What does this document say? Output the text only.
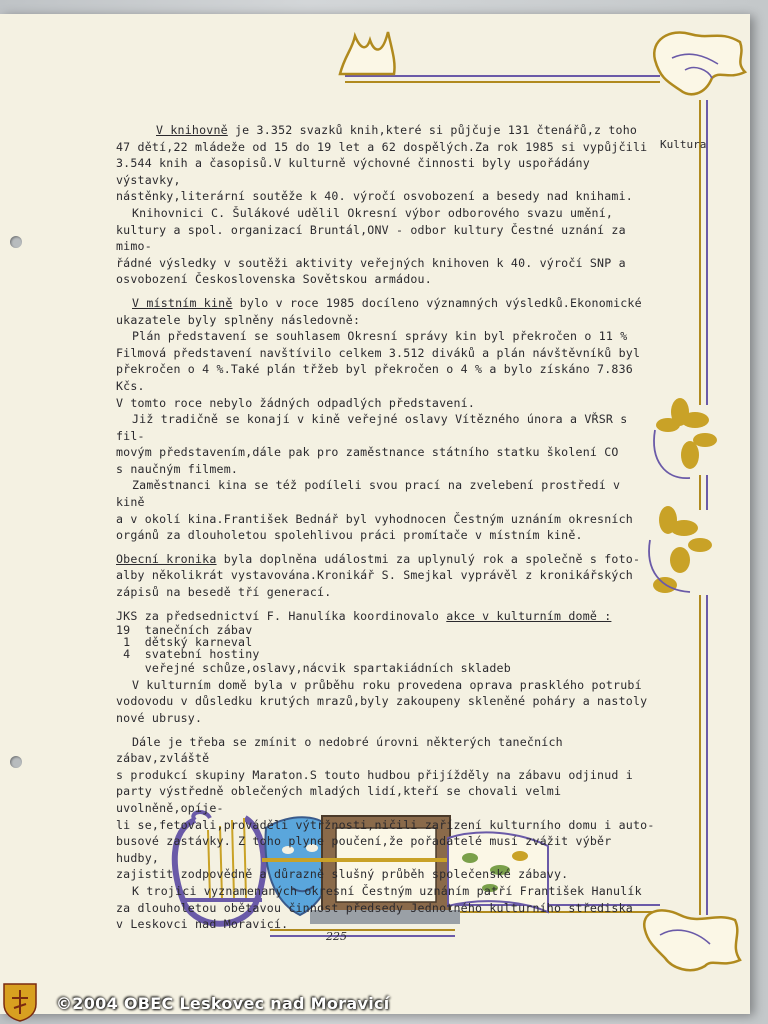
Kultura

V knihovně je 3.352 svazků knih,které si půjčuje 131 čtenářů,z toho

47 dětí,22 mládeže od 15 do 19 let a 62 dospělých.Za rok 1985 si vypůjčili

3.544 knih a časopisů.V kulturně výchovné činnosti byly uspořádány výstavky,

nástěnky,literární soutěže k 40. výročí osvobození a besedy nad knihami.

Knihovnici C. Šulákové udělil Okresní výbor odborového svazu umění,

kultury a spol. organizací Bruntál,ONV - odbor kultury Čestné uznání za mimo-

řádné výsledky v soutěži aktivity veřejných knihoven k 40. výročí SNP a

osvobození Československa Sovětskou armádou.

V místním kině bylo v roce 1985 docíleno významných výsledků.Ekonomické

ukazatele byly splněny následovně:

Plán představení se souhlasem Okresní správy kin byl překročen o 11 %

Filmová představení navštívilo celkem 3.512 diváků a plán návštěvníků byl

překročen o 4 %.Také plán třžeb byl překročen o 4 % a bylo získáno 7.836 Kčs.

V tomto roce nebylo žádných odpadlých představení.

Již tradičně se konají v kině veřejné oslavy Vítězného února a VŘSR s fil-

movým představením,dále pak pro zaměstnance státního statku školení CO

s naučným filmem.

Zaměstnanci kina se též podíleli svou prací na zvelebení prostředí v kině

a v okolí kina.František Bednář byl vyhodnocen Čestným uznáním okresních

orgánů za dlouholetou spolehlivou práci promítače v místním kině.

Obecní kronika byla doplněna událostmi za uplynulý rok a společně s foto-

alby několikrát vystavována.Kronikář S. Smejkal vyprávěl z kronikářských

zápisů na besedě tří generací.

JKS za předsednictví F. Hanulíka koordinovalo akce v kulturním domě :

19  tanečních zábav

1  dětský karneval

4  svatební hostiny

veřejné schůze,oslavy,nácvik spartakiádních skladeb

V kulturním domě byla v průběhu roku provedena oprava prasklého potrubí

vodovodu v důsledku krutých mrazů,byly zakoupeny skleněné poháry a nastoly

nové ubrusy.

Dále je třeba se zmínit o nedobré úrovni některých tanečních zábav,zvláště

s produkcí skupiny Maraton.S touto hudbou přijížděly na zábavu odjinud i

party výstředně oblečených mladých lidí,kteří se chovali velmi uvolněně,opíje-

li se,fetovali,prováděli výtržnosti,ničili zařízení kulturního domu i auto-

busové zastávky. Z toho plyne poučení,že pořadatelé musí zvážit výběr hudby,

zajistit zodpovědně a důrazně slušný průběh společenské zábavy.

K trojici vyznamenaných okresní Čestným uznáním patří František Hanulík

za dlouholetou obětavou činnost předsedy Jednotného kulturního střediska

v Leskovci nad Moravicí.

225
©2004 OBEC Leskovec nad Moravicí
